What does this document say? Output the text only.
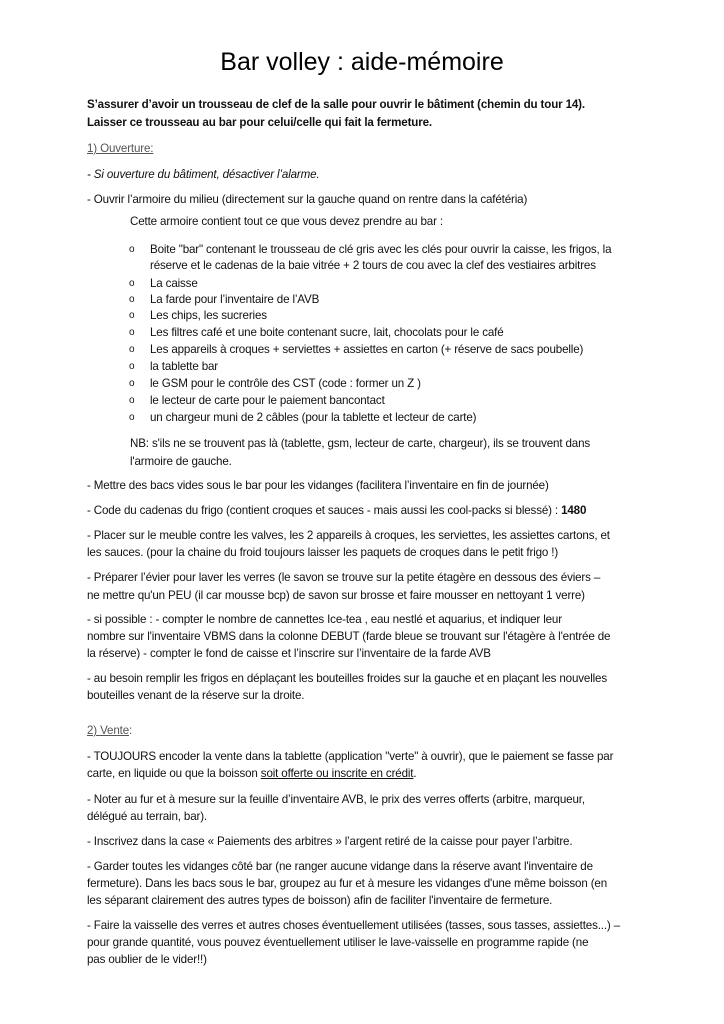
Bar volley : aide-mémoire
S’assurer d’avoir un trousseau de clef de la salle pour ouvrir le bâtiment (chemin du tour 14).
Laisser ce trousseau au bar pour celui/celle qui fait la fermeture.
1) Ouverture:
- Si ouverture du bâtiment, désactiver l’alarme.
- Ouvrir l’armoire du milieu (directement sur la gauche quand on rentre dans la cafétéria)
Cette armoire contient tout ce que vous devez prendre au bar :
o	Boite "bar" contenant le trousseau de clé gris avec les clés pour ouvrir la caisse, les frigos, la
réserve et le cadenas de la baie vitrée + 2 tours de cou avec la clef des vestiaires arbitres
o	La caisse
o	La farde pour l’inventaire de l’AVB
o	Les chips, les sucreries
o	Les filtres café et une boite contenant sucre, lait, chocolats pour le café
o	Les appareils à croques + serviettes + assiettes en carton (+ réserve de sacs poubelle)
o	la tablette bar
o	le GSM pour le contrôle des CST (code : former un Z )
o	le lecteur de carte pour le paiement bancontact
o	un chargeur muni de 2 câbles (pour la tablette et lecteur de carte)
NB: s'ils ne se trouvent pas là (tablette, gsm, lecteur de carte, chargeur), ils se trouvent dans
l'armoire de gauche.
- Mettre des bacs vides sous le bar pour les vidanges (facilitera l’inventaire en fin de journée)
- Code du cadenas du frigo (contient croques et sauces - mais aussi les cool-packs si blessé) : 1480
- Placer sur le meuble contre les valves, les 2 appareils à croques, les serviettes, les assiettes cartons, et
les sauces. (pour la chaine du froid toujours laisser les paquets de croques dans le petit frigo !)
- Préparer l’évier pour laver les verres (le savon se trouve sur la petite étagère en dessous des éviers –
ne mettre qu'un PEU (il car mousse bcp) de savon sur brosse et faire mousser en nettoyant 1 verre)
- si possible : - compter le nombre de cannettes Ice-tea , eau nestlé et aquarius, et indiquer leur
nombre sur l'inventaire VBMS dans la colonne DEBUT (farde bleue se trouvant sur l'étagère à l'entrée de
la réserve) - compter le fond de caisse et l’inscrire sur l’inventaire de la farde AVB
- au besoin remplir les frigos en déplaçant les bouteilles froides sur la gauche et en plaçant les nouvelles
bouteilles venant de la réserve sur la droite.
2) Vente:
- TOUJOURS encoder la vente dans la tablette (application "verte" à ouvrir), que le paiement se fasse par
carte, en liquide ou que la boisson soit offerte ou inscrite en crédit.
- Noter au fur et à mesure sur la feuille d’inventaire AVB, le prix des verres offerts (arbitre, marqueur,
délégué au terrain, bar).
- Inscrivez dans la case « Paiements des arbitres » l’argent retiré de la caisse pour payer l’arbitre.
- Garder toutes les vidanges côté bar (ne ranger aucune vidange dans la réserve avant l'inventaire de
fermeture). Dans les bacs sous le bar, groupez au fur et à mesure les vidanges d'une même boisson (en
les séparant clairement des autres types de boisson) afin de faciliter l'inventaire de fermeture.
- Faire la vaisselle des verres et autres choses éventuellement utilisées (tasses, sous tasses, assiettes...) –
pour grande quantité, vous pouvez éventuellement utiliser le lave-vaisselle en programme rapide (ne
pas oublier de le vider!!)
